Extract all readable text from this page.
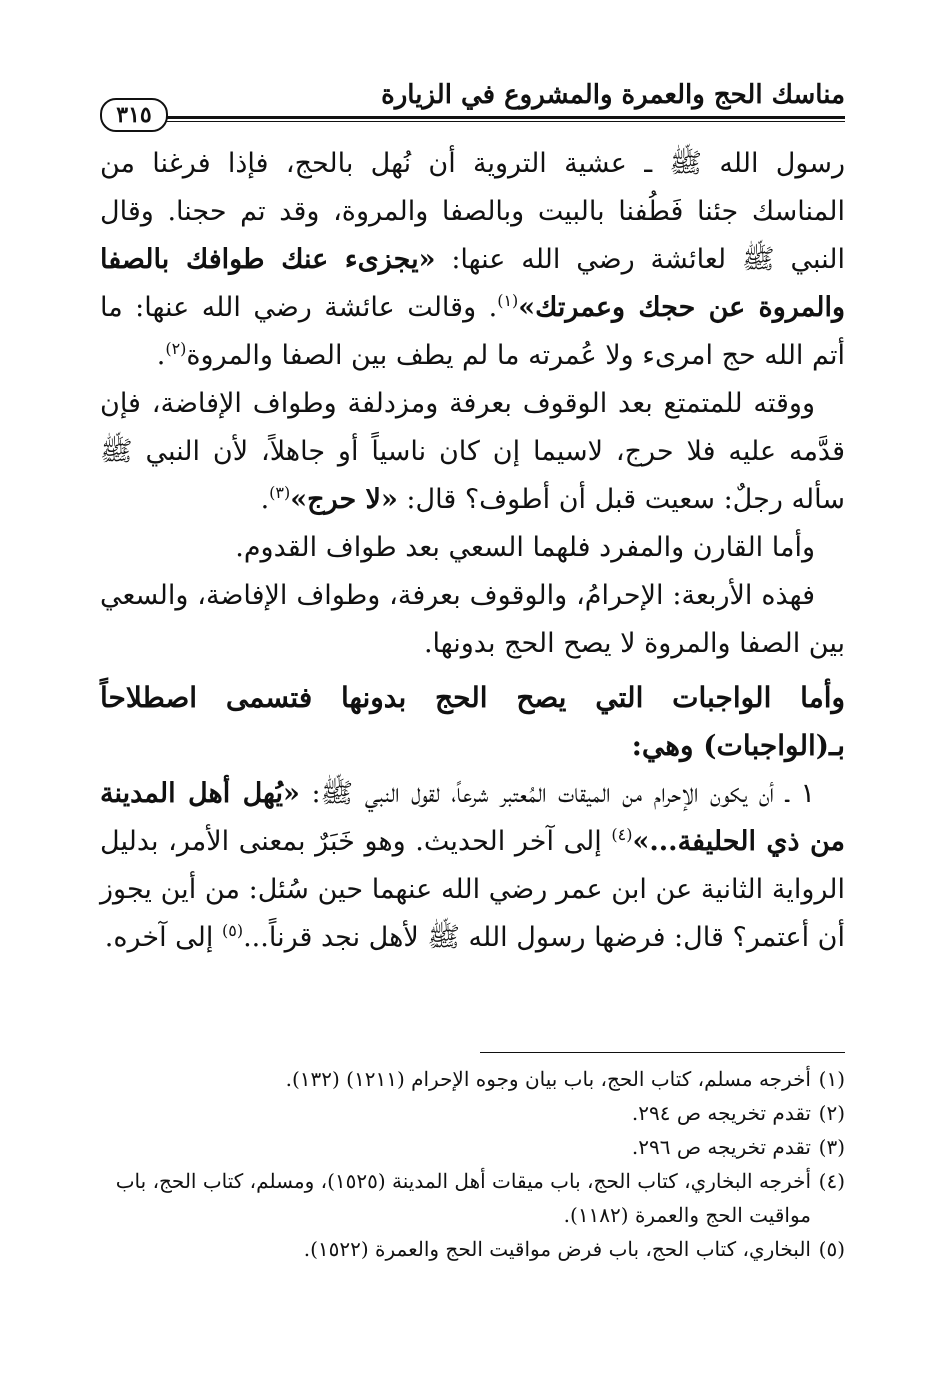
مناسك الحج والعمرة والمشروع في الزيارة
٣١٥

رسول الله ﷺ ـ عشية التروية أن نُهل بالحج، فإذا فرغنا من المناسك جئنا فَطُفنا بالبيت وبالصفا والمروة، وقد تم حجنا. وقال النبي ﷺ لعائشة رضي الله عنها: «يجزىء عنك طوافك بالصفا والمروة عن حجك وعمرتك»$^{(١)}$. وقالت عائشة رضي الله عنها: ما أتم الله حج امرىء ولا عُمرته ما لم يطف بين الصفا والمروة$^{(٢)}$.

ووقته للمتمتع بعد الوقوف بعرفة ومزدلفة وطواف الإفاضة، فإن قدَّمه عليه فلا حرج، لاسيما إن كان ناسياً أو جاهلاً، لأن النبي ﷺ سأله رجلٌ: سعيت قبل أن أطوف؟ قال: «لا حرج»$^{(٣)}$.

وأما القارن والمفرد فلهما السعي بعد طواف القدوم.

فهذه الأربعة: الإحرامُ، والوقوف بعرفة، وطواف الإفاضة، والسعي بين الصفا والمروة لا يصح الحج بدونها.

وأما الواجبات التي يصح الحج بدونها فتسمى اصطلاحاً بـ(الواجبات) وهي:

١ ـ أن يكون الإحرام من الميقات المُعتبر شرعاً، لقول النبي ﷺ: «يُهل أهل المدينة من ذي الحليفة...»$^{(٤)}$ إلى آخر الحديث. وهو خَبَرٌ بمعنى الأمر، بدليل الرواية الثانية عن ابن عمر رضي الله عنهما حين سُئل: من أين يجوز أن أعتمر؟ قال: فرضها رسول الله ﷺ لأهل نجد قرناً...$^{(٥)}$ إلى آخره.

(١)أخرجه مسلم، كتاب الحج، باب بيان وجوه الإحرام (١٢١١) (١٣٢).

(٢)تقدم تخريجه ص ٢٩٤.

(٣)تقدم تخريجه ص ٢٩٦.

(٤)أخرجه البخاري، كتاب الحج، باب ميقات أهل المدينة (١٥٢٥)، ومسلم، كتاب الحج، باب مواقيت الحج والعمرة (١١٨٢).

(٥)البخاري، كتاب الحج، باب فرض مواقيت الحج والعمرة (١٥٢٢).
